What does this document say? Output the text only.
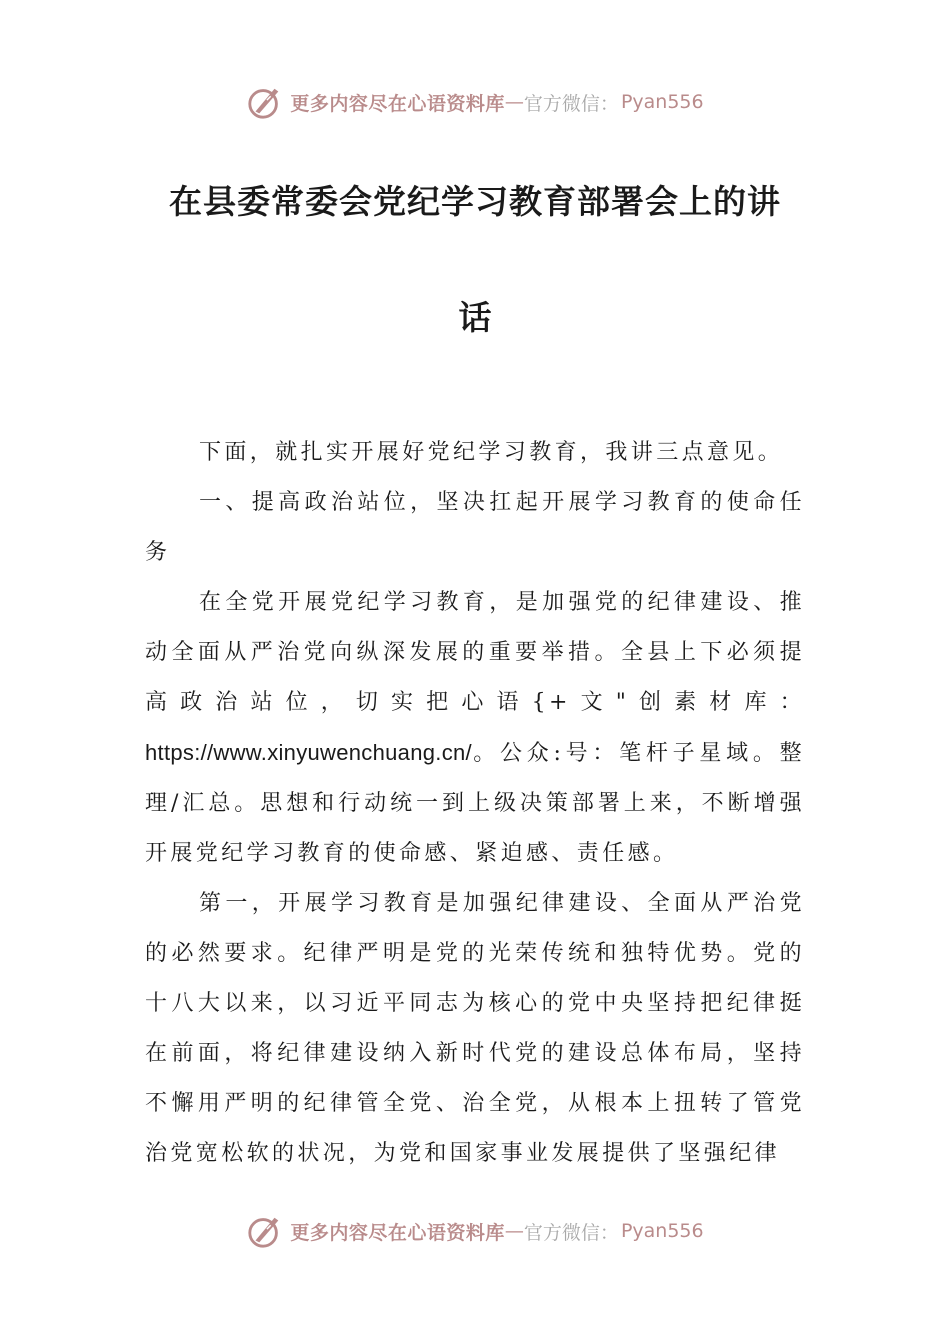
更多内容尽在心语资料库 — 官方微信： Pyan556
在县委常委会党纪学习教育部署会上的讲
话

下面，就扎实开展好党纪学习教育，我讲三点意见。

一、提高政治站位，坚决扛起开展学习教育的使命任务

在全党开展党纪学习教育，是加强党的纪律建设、推动全面从严治党向纵深发展的重要举措。全县上下必须提高政治站位，切实把心语{+文"创素材库：https://www.xinyuwenchuang.cn/。公众:号：笔杆子星域。整理/汇总。思想和行动统一到上级决策部署上来，不断增强开展党纪学习教育的使命感、紧迫感、责任感。

第一，开展学习教育是加强纪律建设、全面从严治党的必然要求。纪律严明是党的光荣传统和独特优势。党的十八大以来，以习近平同志为核心的党中央坚持把纪律挺在前面，将纪律建设纳入新时代党的建设总体布局，坚持不懈用严明的纪律管全党、治全党，从根本上扭转了管党治党宽松软的状况，为党和国家事业发展提供了坚强纪律

更多内容尽在心语资料库 — 官方微信： Pyan556
